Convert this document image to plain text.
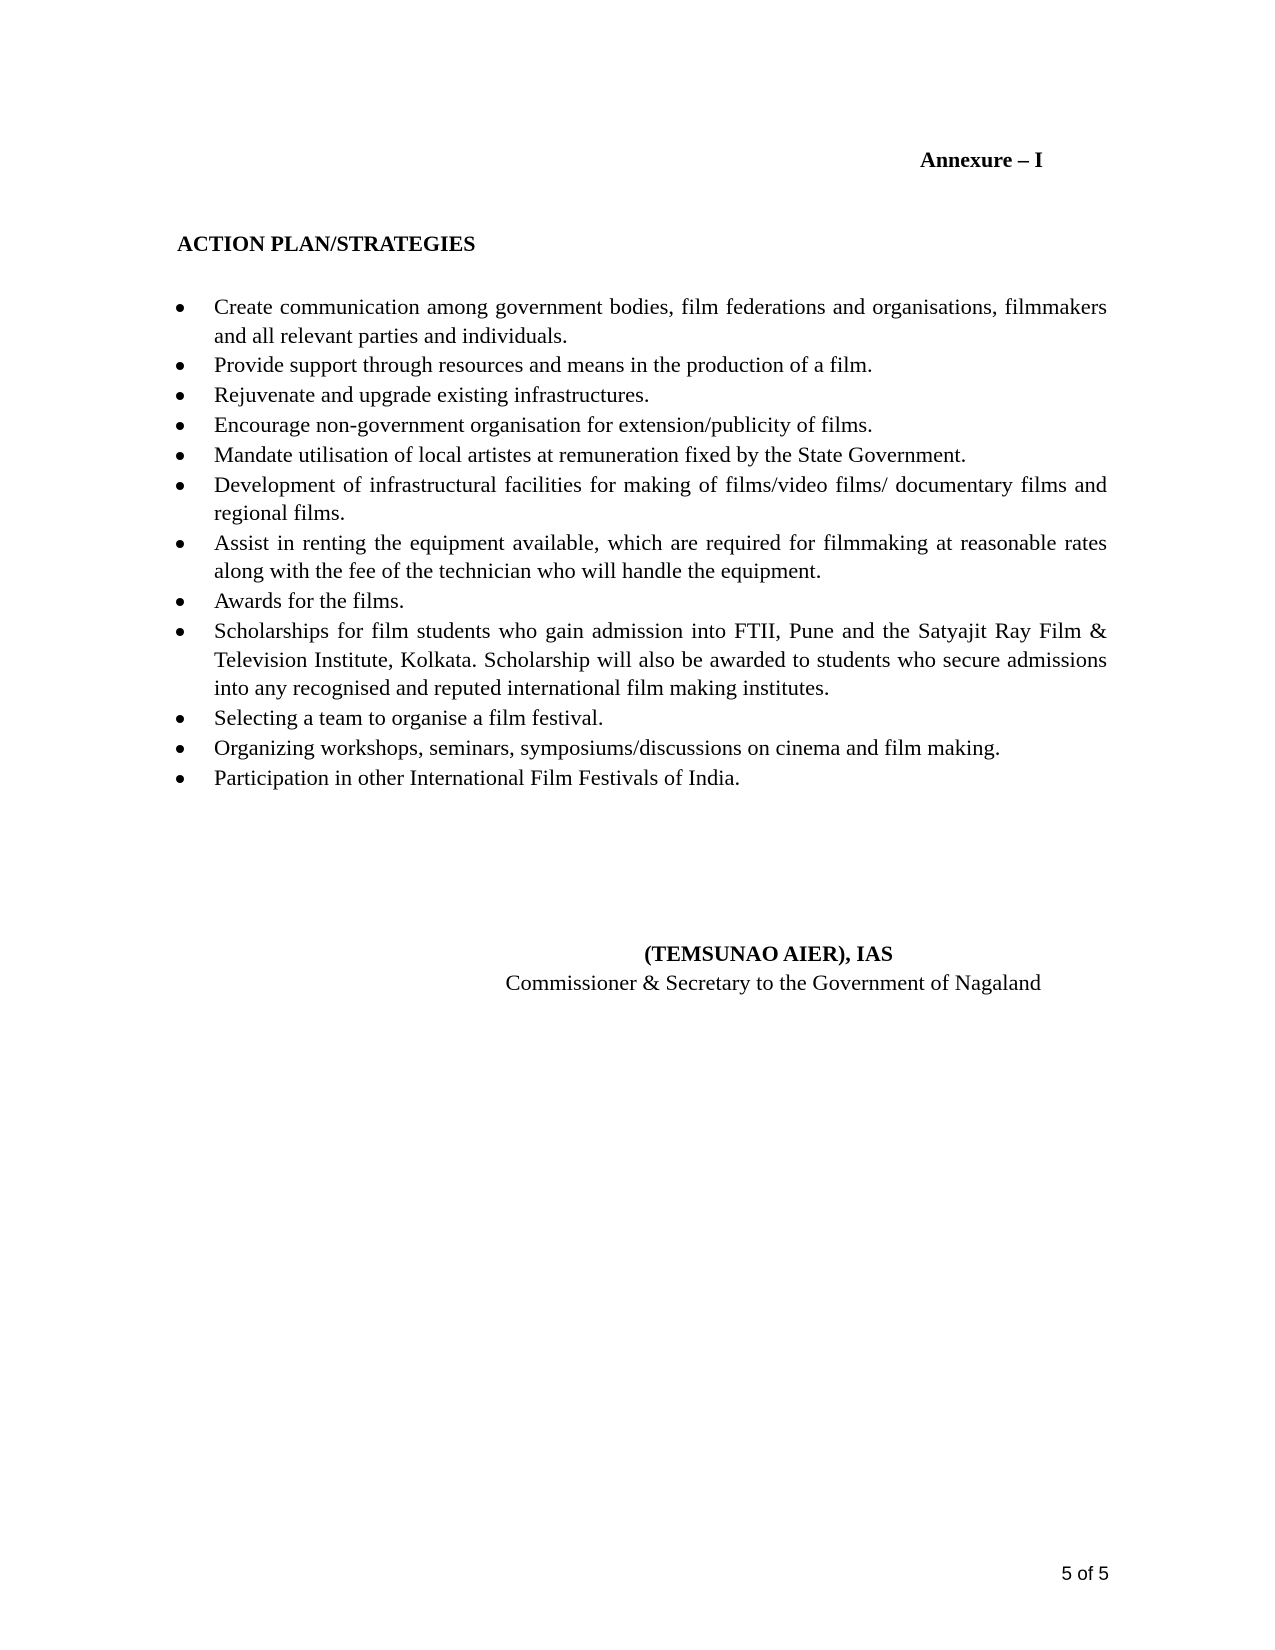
Annexure – I

ACTION PLAN/STRATEGIES

Create communication among government bodies, film federations and organisations, filmmakers and all relevant parties and individuals.
Provide support through resources and means in the production of a film.
Rejuvenate and upgrade existing infrastructures.
Encourage non-government organisation for extension/publicity of films.
Mandate utilisation of local artistes at remuneration fixed by the State Government.
Development of infrastructural facilities for making of films/video films/ documentary films and regional films.
Assist in renting the equipment available, which are required for filmmaking at reasonable rates along with the fee of the technician who will handle the equipment.
Awards for the films.
Scholarships for film students who gain admission into FTII, Pune and the Satyajit Ray Film & Television Institute, Kolkata. Scholarship will also be awarded to students who secure admissions into any recognised and reputed international film making institutes.
Selecting a team to organise a film festival.
Organizing workshops, seminars, symposiums/discussions on cinema and film making.
Participation in other International Film Festivals of India.

(TEMSUNAO AIER), IAS

Commissioner & Secretary to the Government of Nagaland

5 of 5
